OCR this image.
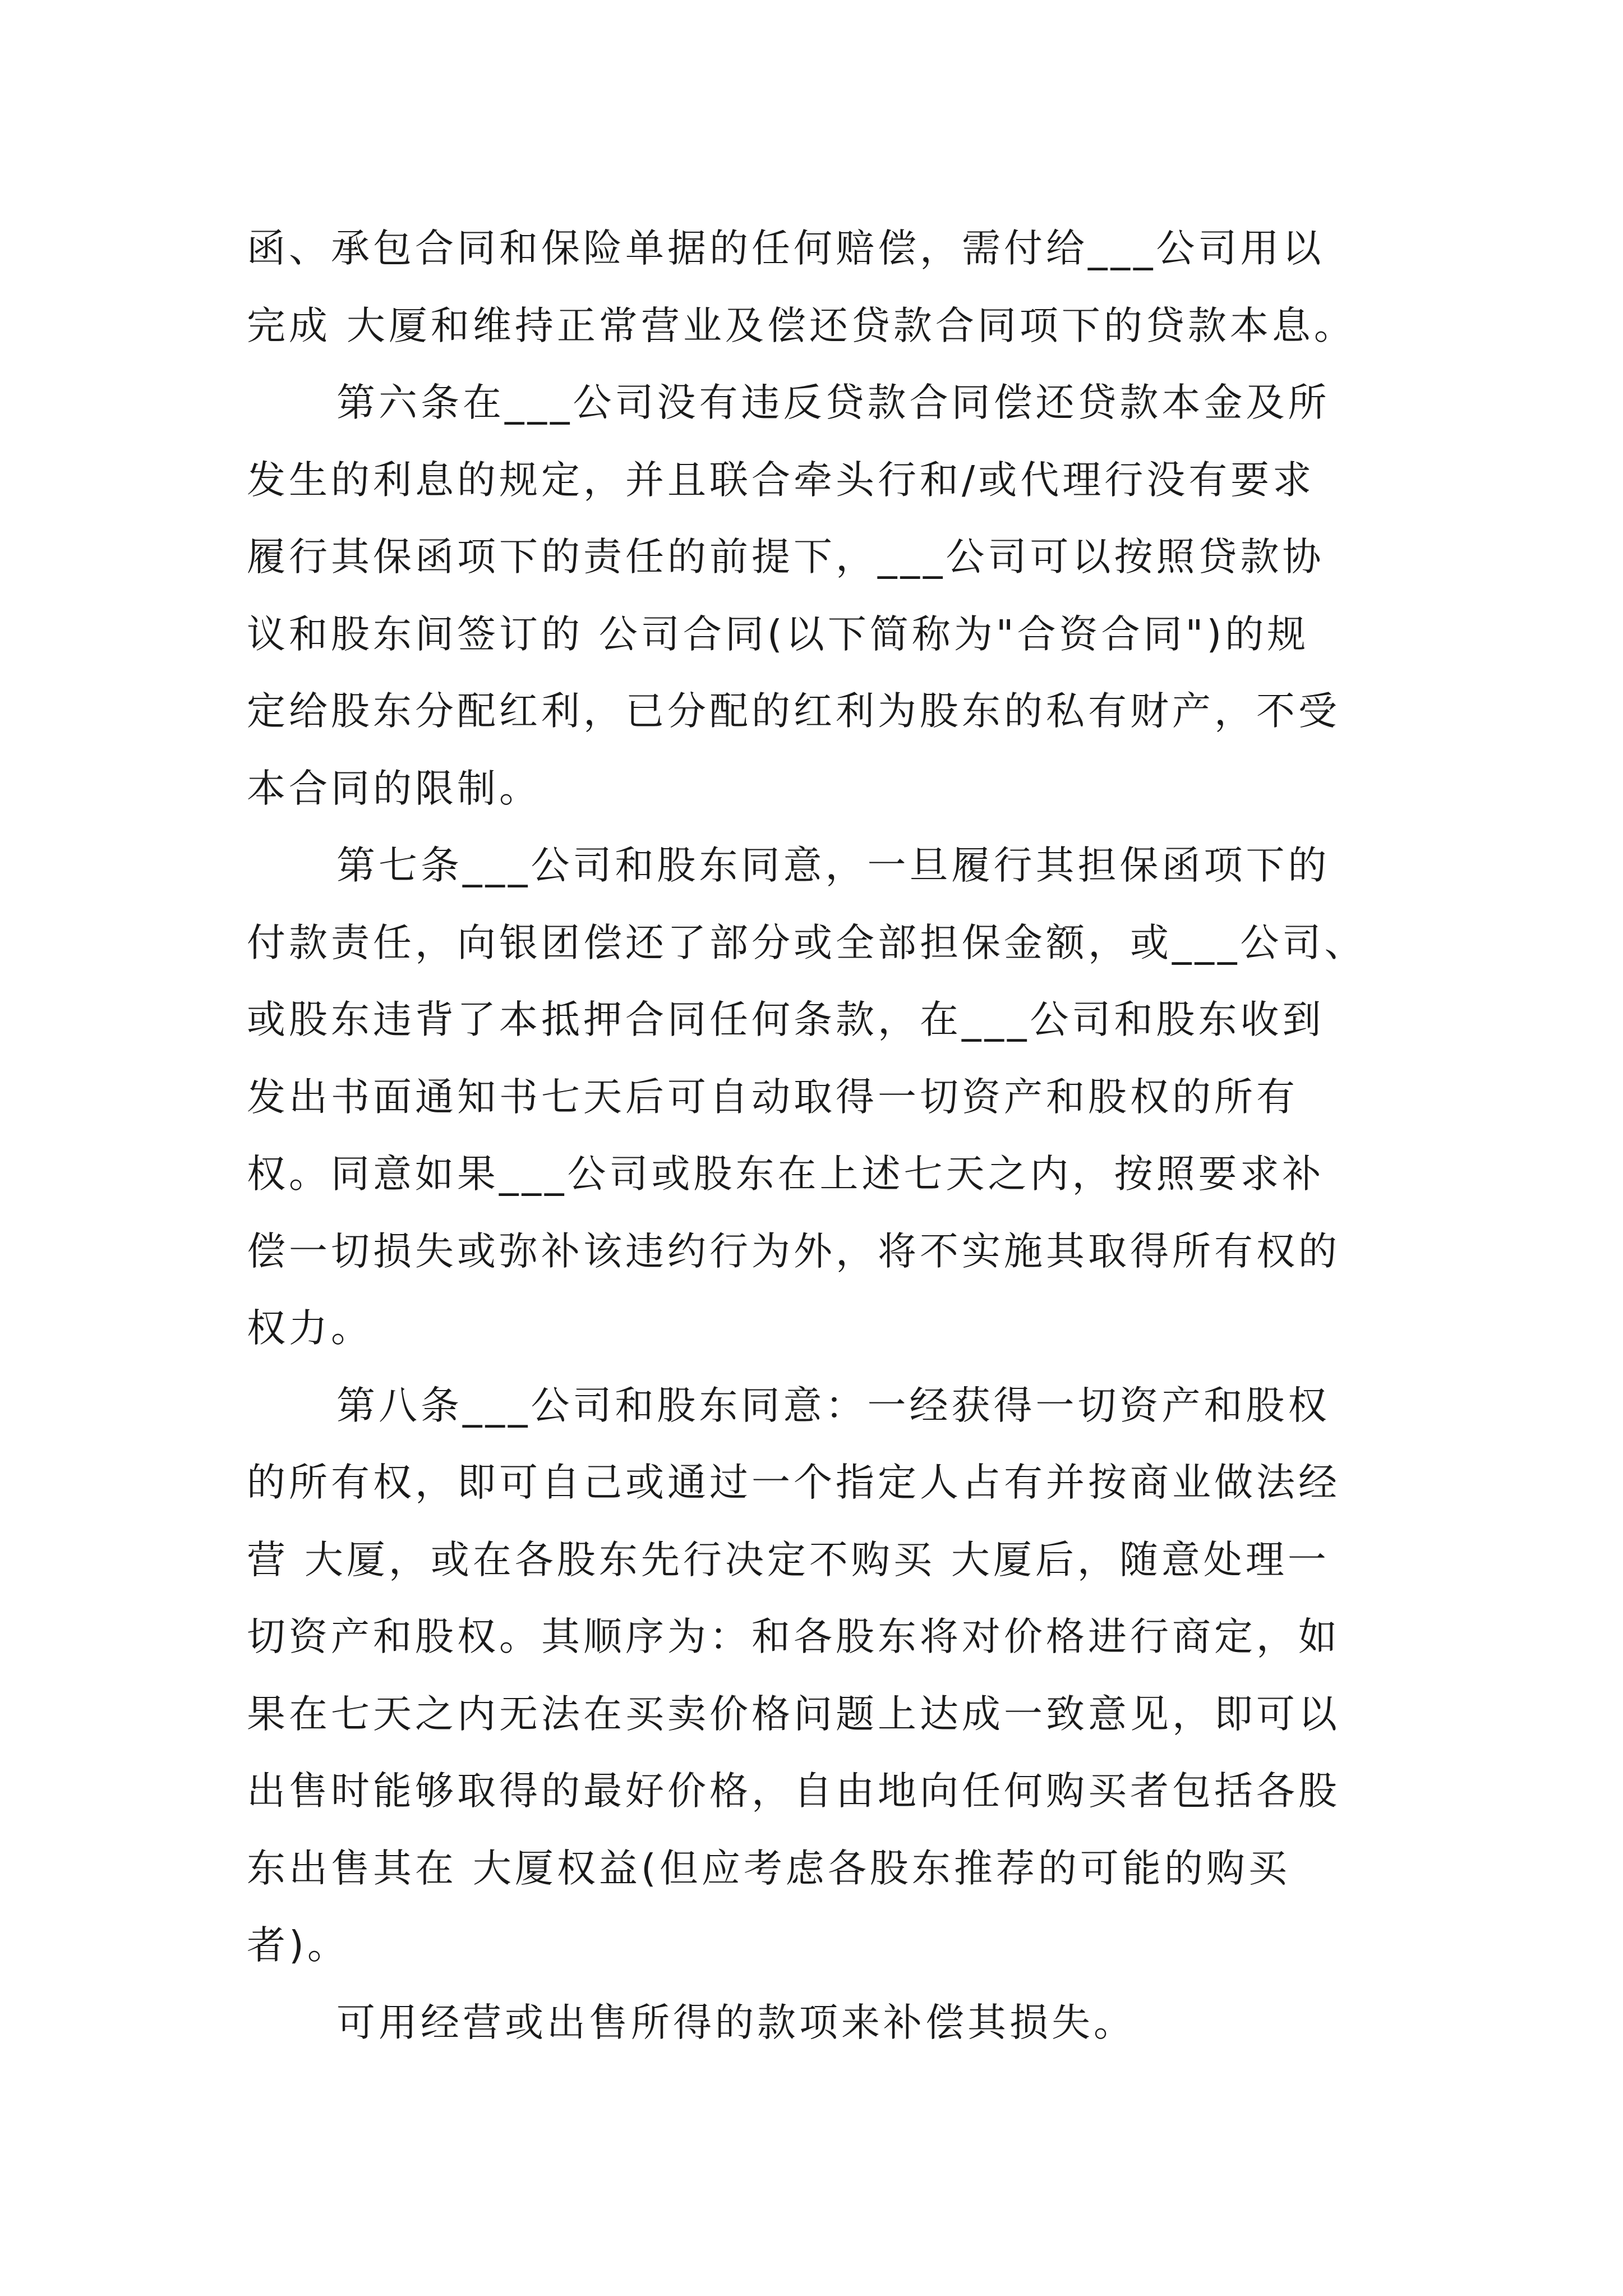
函、承包合同和保险单据的任何赔偿，需付给___公司用以
完成 大厦和维持正常营业及偿还贷款合同项下的贷款本息。
第六条在___公司没有违反贷款合同偿还贷款本金及所
发生的利息的规定，并且联合牵头行和/或代理行没有要求
履行其保函项下的责任的前提下，___公司可以按照贷款协
议和股东间签订的 公司合同(以下简称为"合资合同")的规
定给股东分配红利，已分配的红利为股东的私有财产，不受
本合同的限制。
第七条___公司和股东同意，一旦履行其担保函项下的
付款责任，向银团偿还了部分或全部担保金额，或___公司、
或股东违背了本抵押合同任何条款，在___公司和股东收到
发出书面通知书七天后可自动取得一切资产和股权的所有
权。同意如果___公司或股东在上述七天之内，按照要求补
偿一切损失或弥补该违约行为外，将不实施其取得所有权的
权力。
第八条___公司和股东同意：一经获得一切资产和股权
的所有权，即可自己或通过一个指定人占有并按商业做法经
营 大厦，或在各股东先行决定不购买 大厦后，随意处理一
切资产和股权。其顺序为：和各股东将对价格进行商定，如
果在七天之内无法在买卖价格问题上达成一致意见，即可以
出售时能够取得的最好价格，自由地向任何购买者包括各股
东出售其在 大厦权益(但应考虑各股东推荐的可能的购买
者)。
可用经营或出售所得的款项来补偿其损失。
